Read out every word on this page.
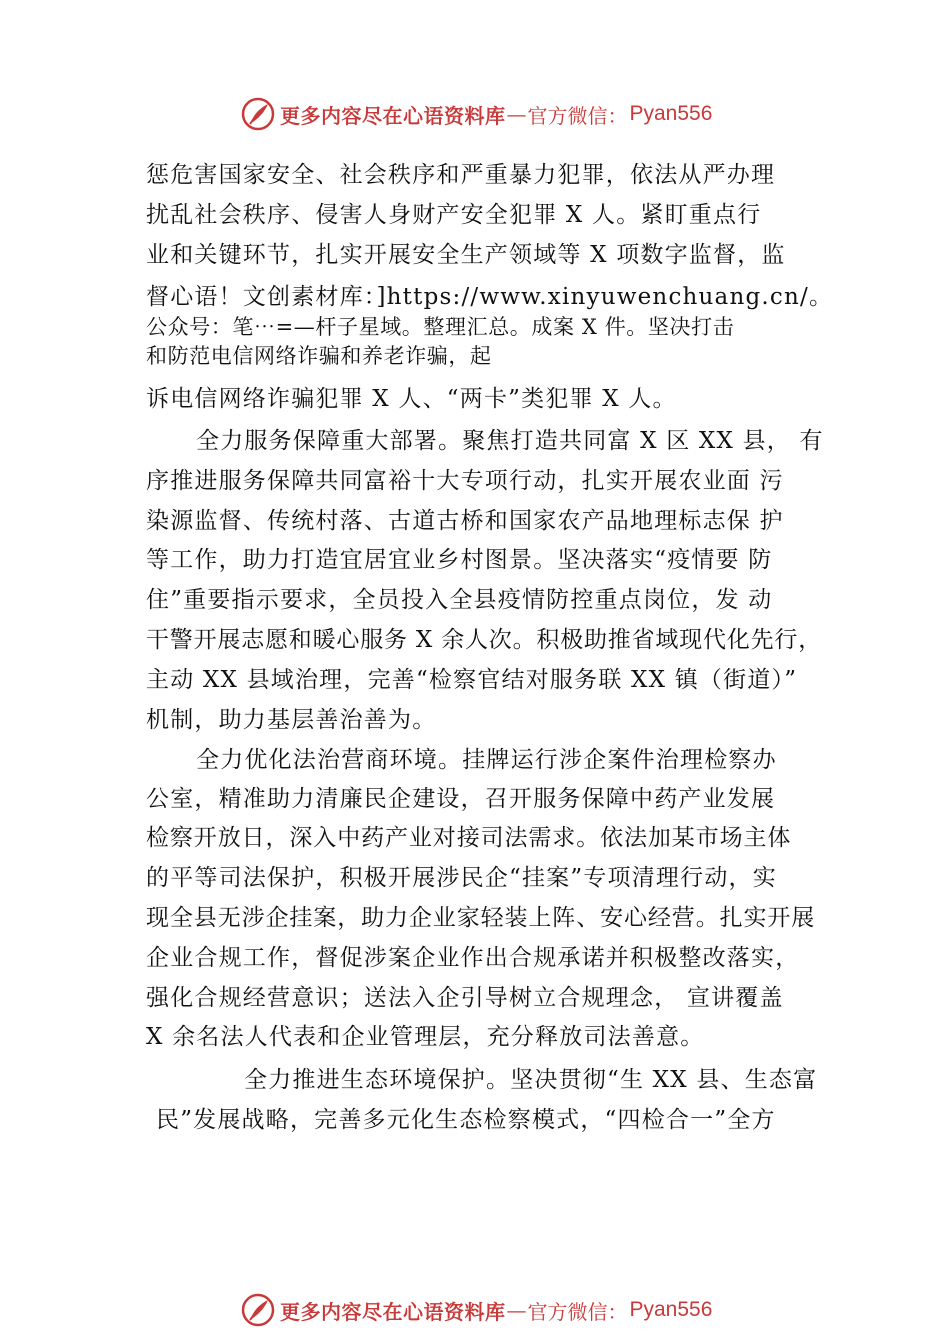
更多内容尽在心语资料库 — 官方微信： Pyan556
惩危害国家安全、社会秩序和严重暴力犯罪，依法从严办理
扰乱社会秩序、侵害人身财产安全犯罪 X 人。紧盯重点行
业和关键环节，扎实开展安全生产领域等 X 项数字监督，监
督心语！文创素材库：]https://www.xinyuwenchuang.cn/。
公众号：笔⋯=—杆子星域。整理汇总。成案 X 件。坚决打击
和防范电信网络诈骗和养老诈骗，起
诉电信网络诈骗犯罪 X 人、“两卡”类犯罪 X 人。
全力服务保障重大部署。聚焦打造共同富 X 区 XX 县， 有
序推进服务保障共同富裕十大专项行动，扎实开展农业面 污
染源监督、传统村落、古道古桥和国家农产品地理标志保 护
等工作，助力打造宜居宜业乡村图景。坚决落实“疫情要 防
住”重要指示要求，全员投入全县疫情防控重点岗位，发 动
干警开展志愿和暖心服务 X 余人次。积极助推省域现代化先行，
主动 XX 县域治理，完善“检察官结对服务联 XX 镇（街道）”
机制，助力基层善治善为。
全力优化法治营商环境。挂牌运行涉企案件治理检察办
公室，精准助力清廉民企建设，召开服务保障中药产业发展
检察开放日，深入中药产业对接司法需求。依法加某市场主体
的平等司法保护，积极开展涉民企“挂案”专项清理行动，实
现全县无涉企挂案，助力企业家轻装上阵、安心经营。扎实开展
企业合规工作，督促涉案企业作出合规承诺并积极整改落实，
强化合规经营意识；送法入企引导树立合规理念， 宣讲覆盖
X 余名法人代表和企业管理层，充分释放司法善意。
全力推进生态环境保护。坚决贯彻“生 XX 县、生态富
民”发展战略，完善多元化生态检察模式，“四检合一”全方
更多内容尽在心语资料库 — 官方微信： Pyan556
